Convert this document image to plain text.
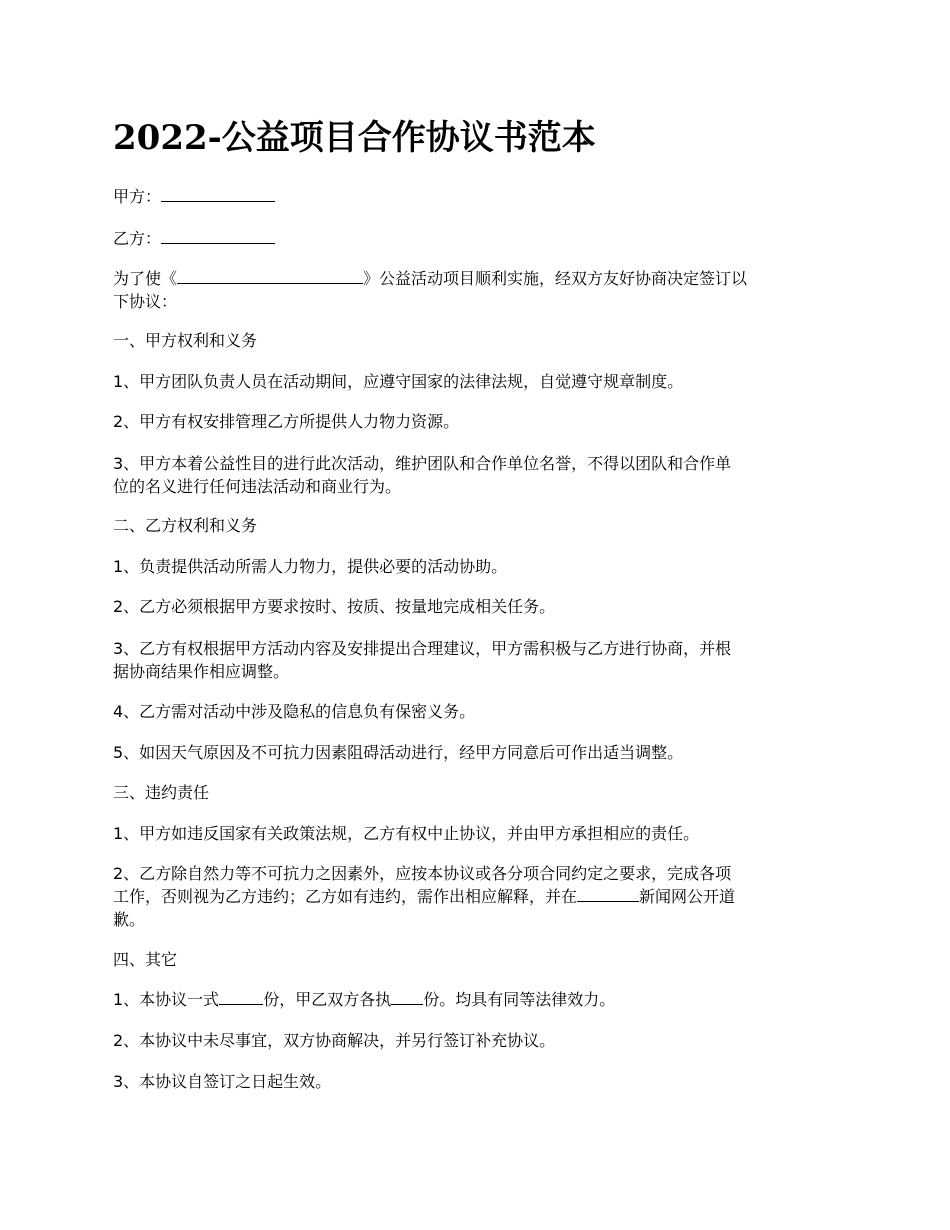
2022-公益项目合作协议书范本
甲方：
乙方：
为了使《	》公益活动项目顺利实施，经双方友好协商决定签订以
下协议：
一、甲方权利和义务
1、甲方团队负责人员在活动期间，应遵守国家的法律法规，自觉遵守规章制度。
2、甲方有权安排管理乙方所提供人力物力资源。
3、甲方本着公益性目的进行此次活动，维护团队和合作单位名誉，不得以团队和合作单
位的名义进行任何违法活动和商业行为。
二、乙方权利和义务
1、负责提供活动所需人力物力，提供必要的活动协助。
2、乙方必须根据甲方要求按时、按质、按量地完成相关任务。
3、乙方有权根据甲方活动内容及安排提出合理建议，甲方需积极与乙方进行协商，并根
据协商结果作相应调整。
4、乙方需对活动中涉及隐私的信息负有保密义务。
5、如因天气原因及不可抗力因素阻碍活动进行，经甲方同意后可作出适当调整。
三、违约责任
1、甲方如违反国家有关政策法规，乙方有权中止协议，并由甲方承担相应的责任。
2、乙方除自然力等不可抗力之因素外，应按本协议或各分项合同约定之要求，完成各项
工作，否则视为乙方违约；乙方如有违约，需作出相应解释，并在	新闻网公开道
歉。
四、其它
1、本协议一式	份，甲乙双方各执 份。均具有同等法律效力。
2、本协议中未尽事宜，双方协商解决，并另行签订补充协议。
3、本协议自签订之日起生效。
